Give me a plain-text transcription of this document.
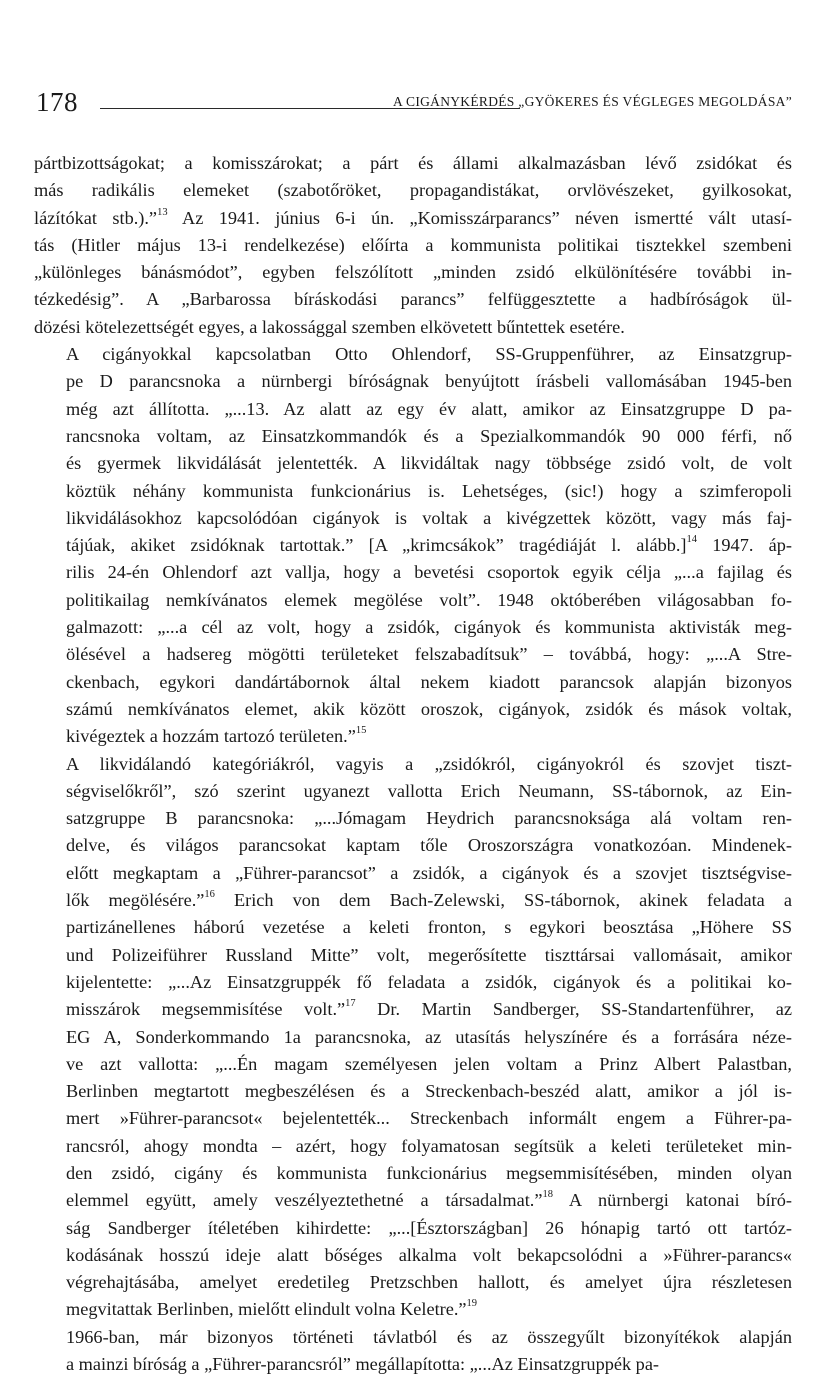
178	A CIGÁNYKÉRDÉS „GYÖKERES ÉS VÉGLEGES MEGOLDÁSA”

pártbizottságokat; a komisszárokat; a párt és állami alkalmazásban lévő zsidókat és
más radikális elemeket (szabotőröket, propagandistákat, orvlövészeket, gyilkosokat,
lázítókat stb.).”$^{13}$ Az 1941. június 6-i ún. „Komisszárparancs” néven ismertté vált utasí-
tás (Hitler május 13-i rendelkezése) előírta a kommunista politikai tisztekkel szembeni
„különleges bánásmódot”, egyben felszólított „minden zsidó elkülönítésére további in-
tézkedésig”. A „Barbarossa bíráskodási parancs” felfüggesztette a hadbíróságok ül-
dözési kötelezettségét egyes, a lakossággal szemben elkövetett bűntettek esetére.

A cigányokkal kapcsolatban Otto Ohlendorf, SS-Gruppenführer, az Einsatzgrup-
pe D parancsnoka a nürnbergi bíróságnak benyújtott írásbeli vallomásában 1945-ben
még azt állította. „...13. Az alatt az egy év alatt, amikor az Einsatzgruppe D pa-
rancsnoka voltam, az Einsatzkommandók és a Spezialkommandók 90 000 férfi, nő
és gyermek likvidálását jelentették. A likvidáltak nagy többsége zsidó volt, de volt
köztük néhány kommunista funkcionárius is. Lehetséges, (sic!) hogy a szimferopoli
likvidálásokhoz kapcsolódóan cigányok is voltak a kivégzettek között, vagy más faj-
tájúak, akiket zsidóknak tartottak.” [A „krimcsákok” tragédiáját l. alább.]$^{14}$ 1947. áp-
rilis 24-én Ohlendorf azt vallja, hogy a bevetési csoportok egyik célja „...a fajilag és
politikailag nemkívánatos elemek megölése volt”. 1948 októberében világosabban fo-
galmazott: „...a cél az volt, hogy a zsidók, cigányok és kommunista aktivisták meg-
ölésével a hadsereg mögötti területeket felszabadítsuk” – továbbá, hogy: „...A Stre-
ckenbach, egykori dandártábornok által nekem kiadott parancsok alapján bizonyos
számú nemkívánatos elemet, akik között oroszok, cigányok, zsidók és mások voltak,
kivégeztek a hozzám tartozó területen.”$^{15}$

A likvidálandó kategóriákról, vagyis a „zsidókról, cigányokról és szovjet tiszt-
ségviselőkről”, szó szerint ugyanezt vallotta Erich Neumann, SS-tábornok, az Ein-
satzgruppe B parancsnoka: „...Jómagam Heydrich parancsnoksága alá voltam ren-
delve, és világos parancsokat kaptam tőle Oroszországra vonatkozóan. Mindenek-
előtt megkaptam a „Führer-parancsot” a zsidók, a cigányok és a szovjet tisztségvise-
lők megölésére.”$^{16}$ Erich von dem Bach-Zelewski, SS-tábornok, akinek feladata a
partizánellenes háború vezetése a keleti fronton, s egykori beosztása „Höhere SS
und Polizeiführer Russland Mitte” volt, megerősítette tiszttársai vallomásait, amikor
kijelentette: „...Az Einsatzgruppék fő feladata a zsidók, cigányok és a politikai ko-
misszárok megsemmisítése volt.”$^{17}$ Dr. Martin Sandberger, SS-Standartenführer, az
EG A, Sonderkommando 1a parancsnoka, az utasítás helyszínére és a forrására néze-
ve azt vallotta: „...Én magam személyesen jelen voltam a Prinz Albert Palastban,
Berlinben megtartott megbeszélésen és a Streckenbach-beszéd alatt, amikor a jól is-
mert »Führer-parancsot« bejelentették... Streckenbach informált engem a Führer-pa-
rancsról, ahogy mondta – azért, hogy folyamatosan segítsük a keleti területeket min-
den zsidó, cigány és kommunista funkcionárius megsemmisítésében, minden olyan
elemmel együtt, amely veszélyeztethetné a társadalmat.”$^{18}$ A nürnbergi katonai bíró-
ság Sandberger ítéletében kihirdette: „...[Észtországban] 26 hónapig tartó ott tartóz-
kodásának hosszú ideje alatt bőséges alkalma volt bekapcsolódni a »Führer-parancs«
végrehajtásába, amelyet eredetileg Pretzschben hallott, és amelyet újra részletesen
megvitattak Berlinben, mielőtt elindult volna Keletre.”$^{19}$

1966-ban, már bizonyos történeti távlatból és az összegyűlt bizonyítékok alapján
a mainzi bíróság a „Führer-parancsról” megállapította: „...Az Einsatzgruppék pa-
